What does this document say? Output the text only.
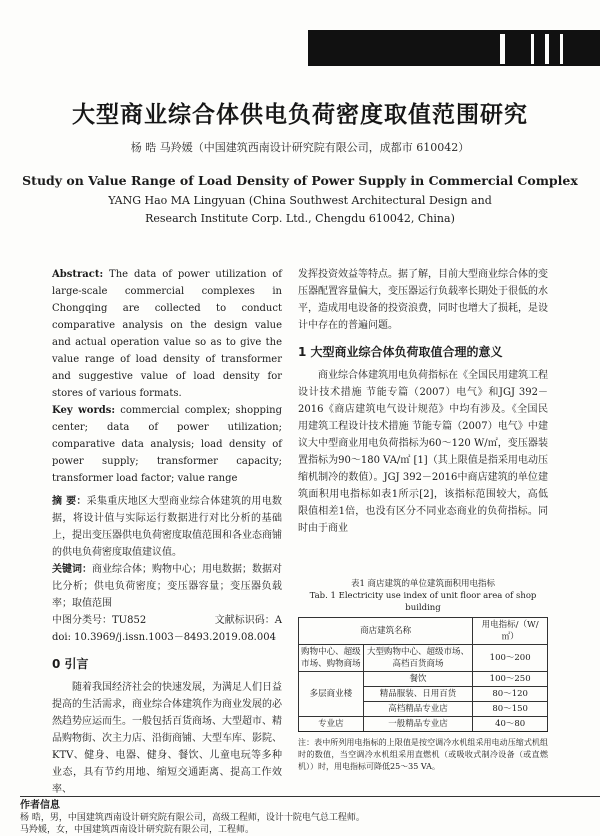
大型商业综合体供电负荷密度取值范围研究
杨 晧 马羚媛（中国建筑西南设计研究院有限公司，成都市 610042）
Study on Value Range of Load Density of Power Supply in Commercial Complex
YANG Hao MA Lingyuan (China Southwest Architectural Design and
Research Institute Corp. Ltd., Chengdu 610042, China)

Abstract: The data of power utilization of large-scale commercial complexes in Chongqing are collected to conduct comparative analysis on the design value and actual operation value so as to give the value range of load density of transformer and suggestive value of load density for stores of various formats.

Key words: commercial complex; shopping center; data of power utilization; comparative data analysis; load density of power supply; transformer capacity; transformer load factor; value range

摘 要：采集重庆地区大型商业综合体建筑的用电数据，将设计值与实际运行数据进行对比分析的基础上，提出变压器供电负荷密度取值范围和各业态商铺的供电负荷密度取值建议值。

关键词：商业综合体；购物中心；用电数据；数据对比分析；供电负荷密度；变压器容量；变压器负载率；取值范围

中图分类号：TU852	文献标识码：A

doi: 10.3969/j.issn.1003－8493.2019.08.004

0 引言

随着我国经济社会的快速发展，为满足人们日益提高的生活需求，商业综合体建筑作为商业发展的必然趋势应运而生。一般包括百货商场、大型超市、精品购物街、次主力店、沿街商铺、大型车库、影院、KTV、健身、电器、健身、餐饮、儿童电玩等多种业态，具有节约用地、缩短交通距离、提高工作效率、

发挥投资效益等特点。据了解，目前大型商业综合体的变压器配置容量偏大，变压器运行负载率长期处于很低的水平，造成用电设备的投资浪费，同时也增大了损耗，是设计中存在的普遍问题。

1 大型商业综合体负荷取值合理的意义

商业综合体建筑用电负荷指标在《全国民用建筑工程设计技术措施 节能专篇（2007）电气》和JGJ 392－2016《商店建筑电气设计规范》中均有涉及。《全国民用建筑工程设计技术措施 节能专篇（2007）电气》中建议大中型商业用电负荷指标为60～120 W/㎡，变压器装置指标为90～180 VA/㎡ [1]（其上限值是指采用电动压缩机制冷的数值）。JGJ 392－2016中商店建筑的单位建筑面积用电指标如表1所示[2]，该指标范围较大，高低限值相差1倍，也没有区分不同业态商业的负荷指标。同时由于商业

表1 商店建筑的单位建筑面积用电指标
Tab. 1 Electricity use index of unit floor area of shop building
商店建筑名称		用电指标/（W/㎡）
购物中心、超级市场、购物商场	大型购物中心、超级市场、高档百货商场	100～200
多层商业楼	餐饮	100～250
	精品服装、日用百货	80～120
	高档精品专业店	80～150
专业店	一般精品专业店	40～80
注：表中所列用电指标的上限值是按空调冷水机组采用电动压缩式机组时的数值，当空调冷水机组采用直燃机（或吸收式制冷设备（或直燃机））时，用电指标可降低25～35 VA。
作者信息
杨 晧，男，中国建筑西南设计研究院有限公司，高级工程师，设计十院电气总工程师。
马羚媛，女，中国建筑西南设计研究院有限公司，工程师。
